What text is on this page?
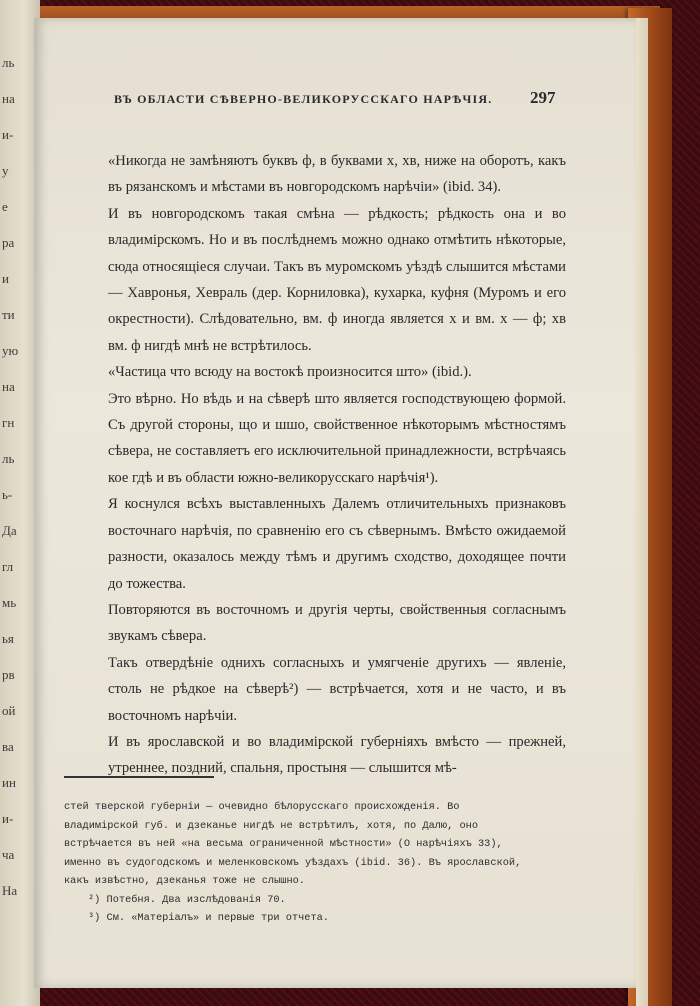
ль
на
и-
у
е
ра
и
ти
ую
на
гн
ль
ь-
Да
гл
мь
ья
рв
ой
ва
ин
и-
ча
На
ВЪ ОБЛАСТИ СѢВЕРНО-ВЕЛИКОРУССКАГО НАРѢЧІЯ.	297

«Никогда не замѣняютъ буквъ ф, в буквами х, хв, ниже на оборотъ, какъ въ рязанскомъ и мѣстами въ новгородскомъ нарѣчіи» (ibid. 34).

И въ новгородскомъ такая смѣна — рѣдкость; рѣдкость она и во владимірскомъ. Но и въ послѣднемъ можно однако отмѣтить нѣкоторые, сюда относящіеся случаи. Такъ въ муромскомъ уѣздѣ слышится мѣстами — Хавронья, Хевраль (дер. Корниловка), кухарка, куфня (Муромъ и его окрестности). Слѣдовательно, вм. ф иногда является х и вм. х — ф; хв вм. ф нигдѣ мнѣ не встрѣтилось.

«Частица что всюду на востокѣ произносится што» (ibid.).

Это вѣрно. Но вѣдь и на сѣверѣ што является господствующею формой. Съ другой стороны, що и шшо, свойственное нѣкоторымъ мѣстностямъ сѣвера, не составляетъ его исключительной принадлежности, встрѣчаясь кое гдѣ и въ области южно-великорусскаго нарѣчія¹).

Я коснулся всѣхъ выставленныхъ Далемъ отличительныхъ признаковъ восточнаго нарѣчія, по сравненію его съ сѣвернымъ. Вмѣсто ожидаемой разности, оказалось между тѣмъ и другимъ сходство, доходящее почти до тожества.

Повторяются въ восточномъ и другія черты, свойственныя согласнымъ звукамъ сѣвера.

Такъ отвердѣніе однихъ согласныхъ и умягченіе другихъ — явленіе, столь не рѣдкое на сѣверѣ²) — встрѣчается, хотя и не часто, и въ восточномъ нарѣчіи.

И въ ярославской и во владимірской губерніяхъ вмѣсто — прежней, утреннее, поздний, спальня, простыня — слышится мѣ-

стей тверской губерніи — очевидно бѣлорусскаго происхожденія. Во владимірской губ. и дзеканье нигдѣ не встрѣтилъ, хотя, по Далю, оно встрѣчается въ ней «на весьма ограниченной мѣстности» (О нарѣчіяхъ 33), именно въ судогодскомъ и меленковскомъ уѣздахъ (ibid. 36). Въ ярославской, какъ извѣстно, дзеканья тоже не слышно.

²) Потебня. Два изслѣдованія 70.

³) См. «Матеріалъ» и первые три отчета.
